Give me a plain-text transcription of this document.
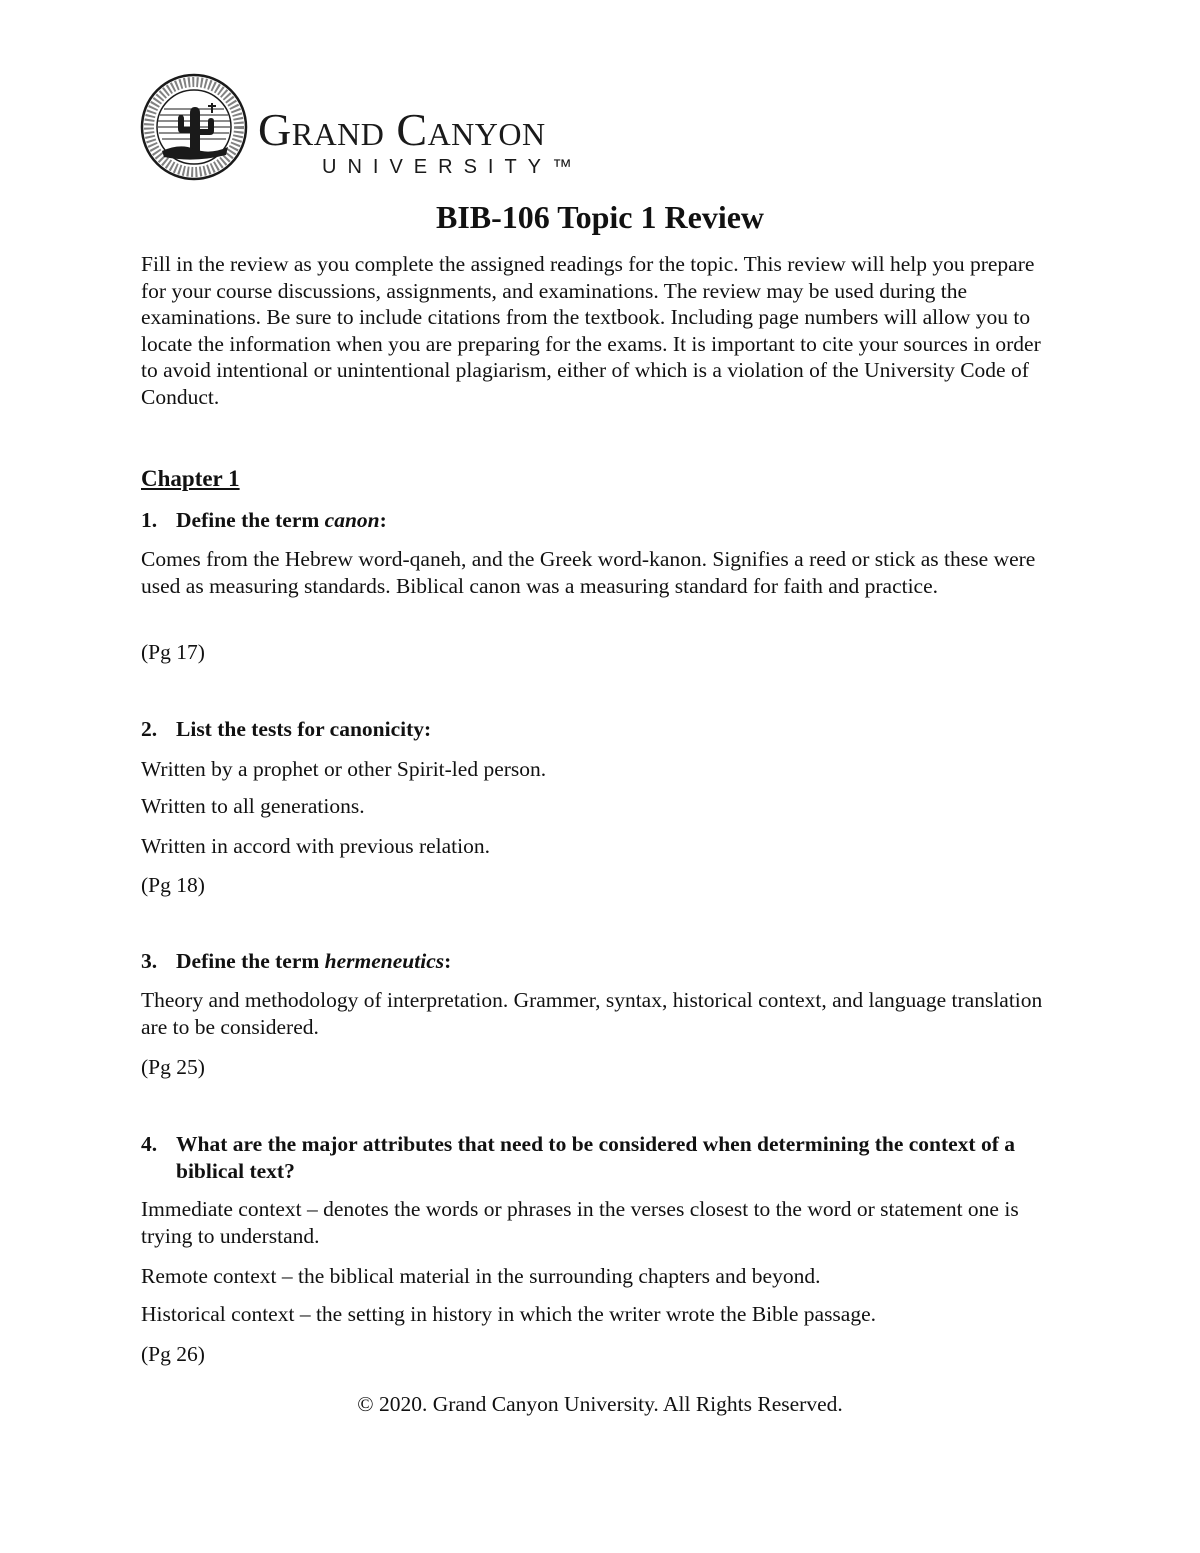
Grand Canyon

UNIVERSITY™

BIB-106 Topic 1 Review

Fill in the review as you complete the assigned readings for the topic. This review will help you prepare for your course discussions, assignments, and examinations. The review may be used during the examinations. Be sure to include citations from the textbook. Including page numbers will allow you to locate the information when you are preparing for the exams. It is important to cite your sources in order to avoid intentional or unintentional plagiarism, either of which is a violation of the University Code of Conduct.

Chapter 1

1. Define the term canon:

Comes from the Hebrew word-qaneh, and the Greek word-kanon. Signifies a reed or stick as these were used as measuring standards. Biblical canon was a measuring standard for faith and practice.

(Pg 17)

2. List the tests for canonicity:

Written by a prophet or other Spirit-led person.

Written to all generations.

Written in accord with previous relation.

(Pg 18)

3. Define the term hermeneutics:

Theory and methodology of interpretation. Grammer, syntax, historical context, and language translation are to be considered.

(Pg 25)

4. What are the major attributes that need to be considered when determining the context of a biblical text?

Immediate context – denotes the words or phrases in the verses closest to the word or statement one is trying to understand.

Remote context – the biblical material in the surrounding chapters and beyond.

Historical context – the setting in history in which the writer wrote the Bible passage.

(Pg 26)

© 2020. Grand Canyon University. All Rights Reserved.
